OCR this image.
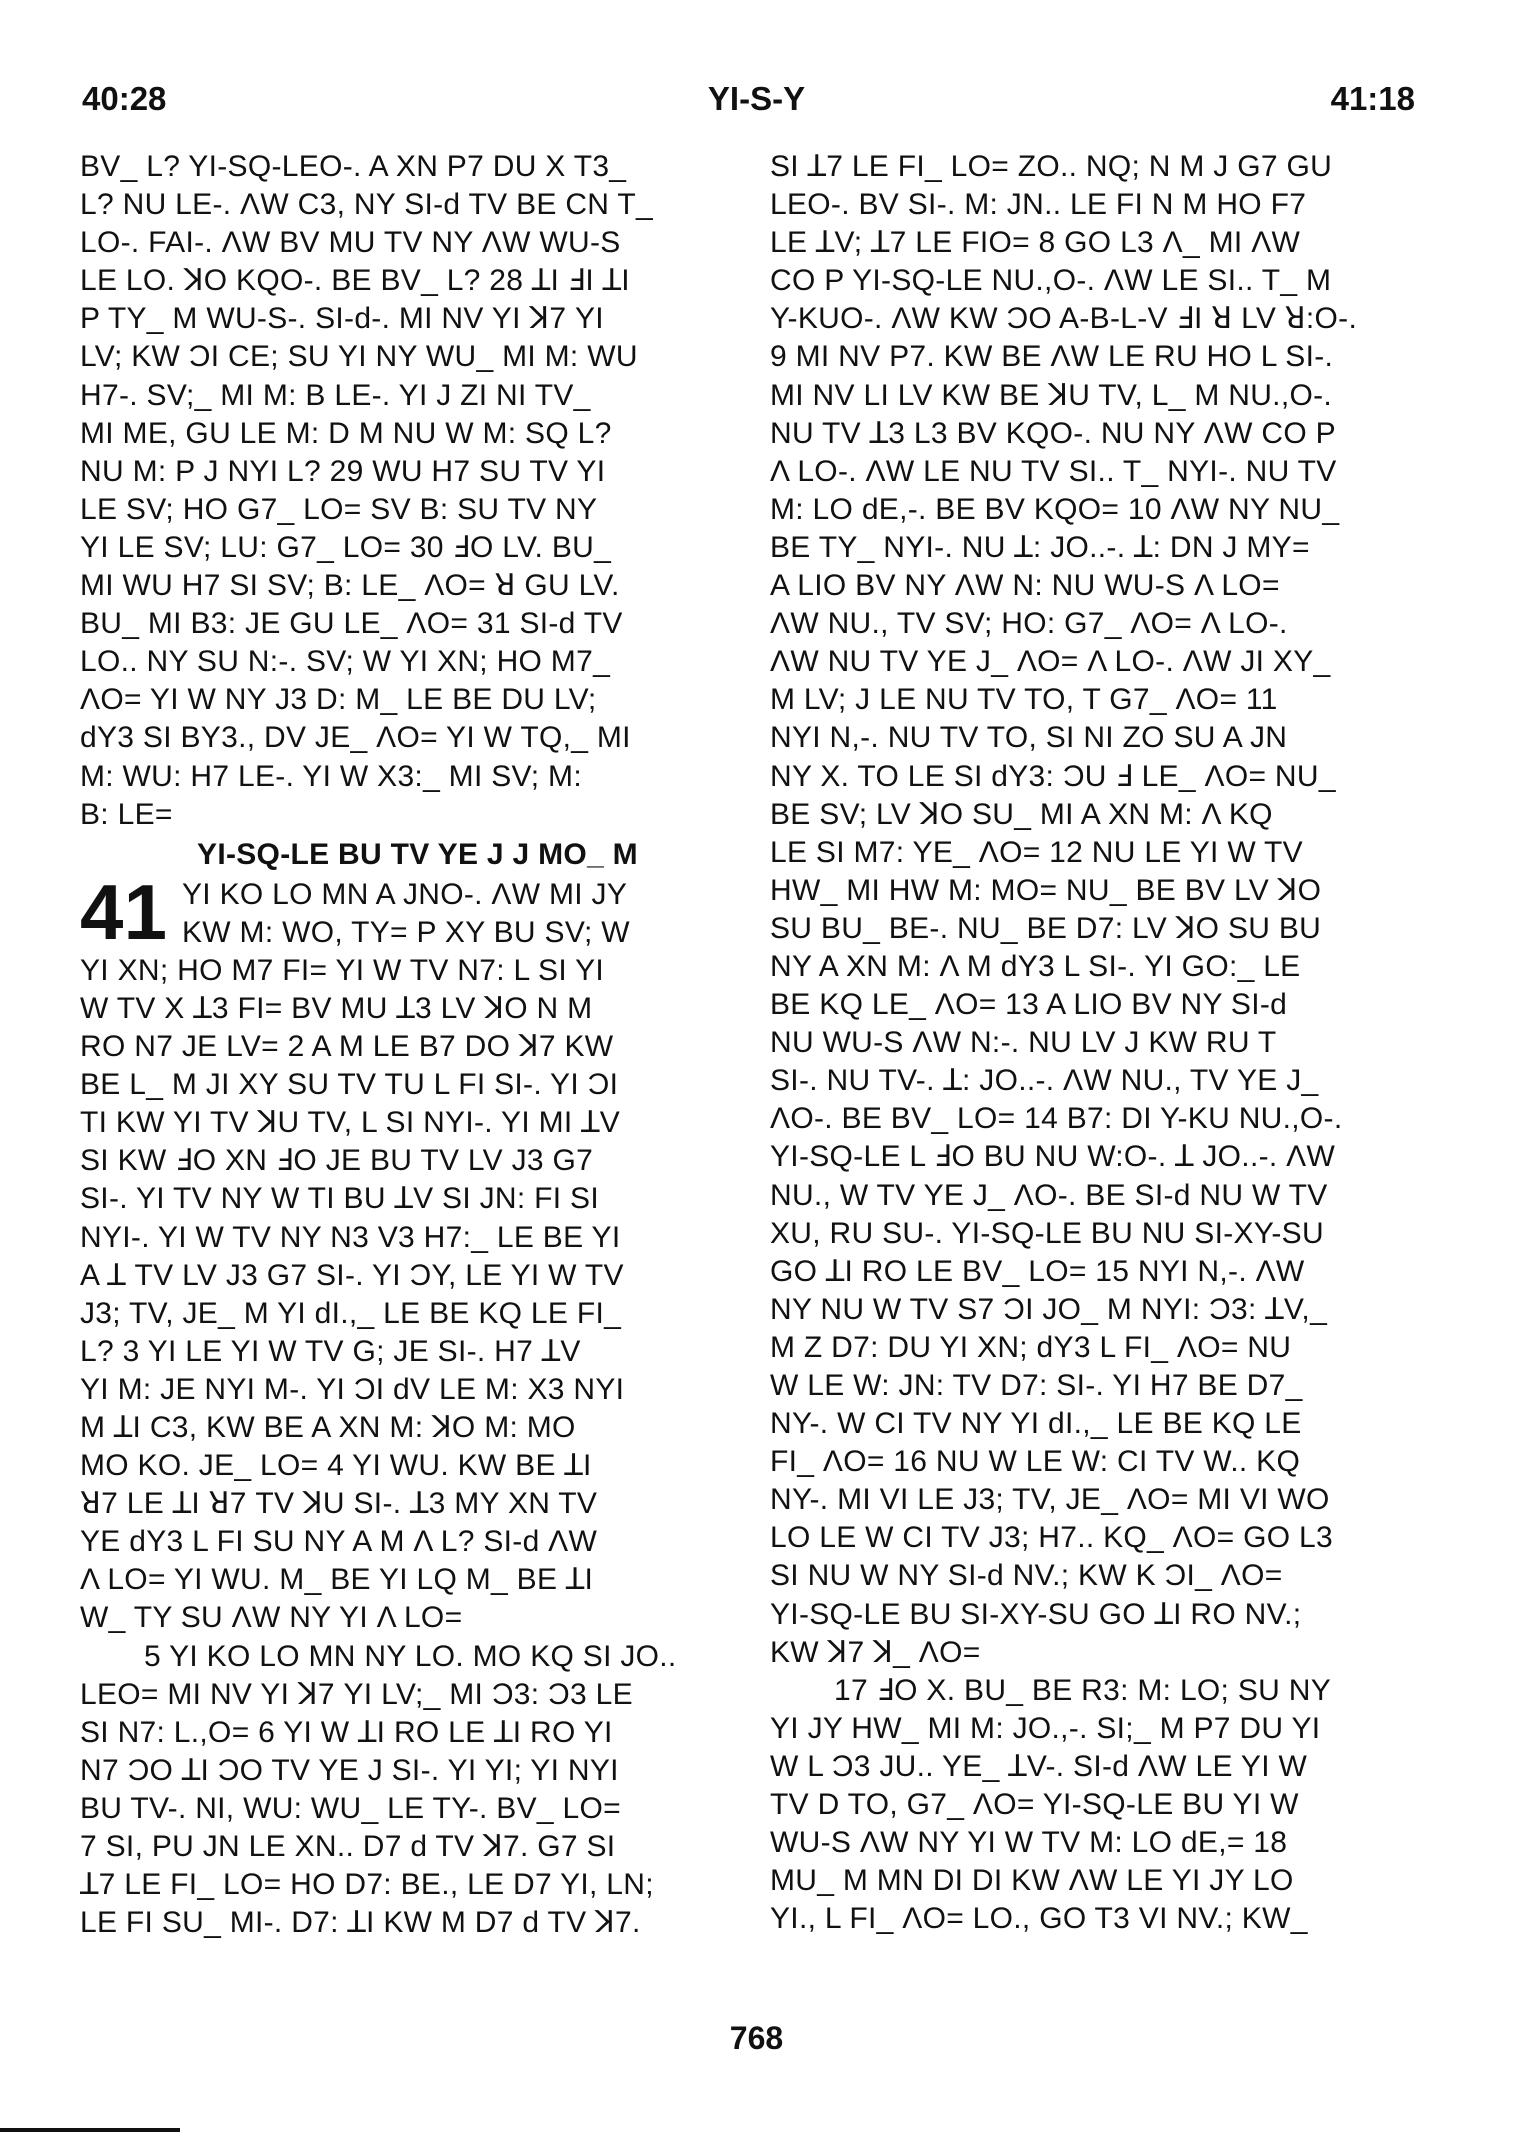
40:28	YI-S-Y	41:18
BV_ L? YI-SQ-LEO-. A XN P7 DU X T3_
L? NU LE-. ΛW C3, NY SI-d TV BE CN T_
LO-. FAI-. ΛW BV MU TV NY ΛW WU-S
LE LO. ꓘO KQO-. BE BV_ L? 28 ꓕI ꓞI ꓕI
P TY_ M WU-S-. SI-d-. MI NV YI ꓘ7 YI
LV; KW ƆI CE; SU YI NY WU_ MI M: WU
H7-. SV;_ MI M: B LE-. YI J ZI NI TV_
MI ME, GU LE M: D M NU W M: SQ L?
NU M: P J NYI L? 29 WU H7 SU TV YI
LE SV; HO G7_ LO= SV B: SU TV NY
YI LE SV; LU: G7_ LO= 30 ꓞO LV. BU_
MI WU H7 SI SV; B: LE_ ΛO= ꓤ GU LV.
BU_ MI B3: JE GU LE_ ΛO= 31 SI-d TV
LO.. NY SU N:-. SV; W YI XN; HO M7_
ΛO= YI W NY J3 D: M_ LE BE DU LV;
dY3 SI BY3., DV JE_ ΛO= YI W TQ,_ MI
M: WU: H7 LE-. YI W X3:_ MI SV; M:
B: LE=
YI-SQ-LE BU TV YE J J MO_ M
41 YI KO LO MN A JNO-. ΛW MI JY
KW M: WO, TY= P XY BU SV; W
YI XN; HO M7 FI= YI W TV N7: L SI YI
W TV X ꓕ3 FI= BV MU ꓕ3 LV ꓘO N M
RO N7 JE LV= 2 A M LE B7 DO ꓘ7 KW
BE L_ M JI XY SU TV TU L FI SI-. YI ƆI
TI KW YI TV ꓘU TV, L SI NYI-. YI MI ꓕV
SI KW ꓞO XN ꓞO JE BU TV LV J3 G7
SI-. YI TV NY W TI BU ꓕV SI JN: FI SI
NYI-. YI W TV NY N3 V3 H7:_ LE BE YI
A ꓕ TV LV J3 G7 SI-. YI ƆY, LE YI W TV
J3; TV, JE_ M YI dI.,_ LE BE KQ LE FI_
L? 3 YI LE YI W TV G; JE SI-. H7 ꓕV
YI M: JE NYI M-. YI ƆI dV LE M: X3 NYI
M ꓕI C3, KW BE A XN M: ꓘO M: MO
MO KO. JE_ LO= 4 YI WU. KW BE ꓕI
ꓤ7 LE ꓕI ꓤ7 TV ꓘU SI-. ꓕ3 MY XN TV
YE dY3 L FI SU NY A M Λ L? SI-d ΛW
Λ LO= YI WU. M_ BE YI LQ M_ BE ꓕI
W_ TY SU ΛW NY YI Λ LO=
5 YI KO LO MN NY LO. MO KQ SI JO..
LEO= MI NV YI ꓘ7 YI LV;_ MI Ɔ3: Ɔ3 LE
SI N7: L.,O= 6 YI W ꓕI RO LE ꓕI RO YI
N7 ƆO ꓕI ƆO TV YE J SI-. YI YI; YI NYI
BU TV-. NI, WU: WU_ LE TY-. BV_ LO=
7 SI, PU JN LE XN.. D7 d TV ꓘ7. G7 SI
ꓕ7 LE FI_ LO= HO D7: BE., LE D7 YI, LN;
LE FI SU_ MI-. D7: ꓕI KW M D7 d TV ꓘ7.
SI ꓕ7 LE FI_ LO= ZO.. NQ; N M J G7 GU
LEO-. BV SI-. M: JN.. LE FI N M HO F7
LE ꓕV; ꓕ7 LE FIO= 8 GO L3 Λ_ MI ΛW
CO P YI-SQ-LE NU.,O-. ΛW LE SI.. T_ M
Y-KUO-. ΛW KW ƆO A-B-L-V ꓞI ꓤ LV ꓤ:O-.
9 MI NV P7. KW BE ΛW LE RU HO L SI-.
MI NV LI LV KW BE ꓘU TV, L_ M NU.,O-.
NU TV ꓕ3 L3 BV KQO-. NU NY ΛW CO P
Λ LO-. ΛW LE NU TV SI.. T_ NYI-. NU TV
M: LO dE,-. BE BV KQO= 10 ΛW NY NU_
BE TY_ NYI-. NU ꓕ: JO..-. ꓕ: DN J MY=
A LIO BV NY ΛW N: NU WU-S Λ LO=
ΛW NU., TV SV; HO: G7_ ΛO= Λ LO-.
ΛW NU TV YE J_ ΛO= Λ LO-. ΛW JI XY_
M LV; J LE NU TV TO, T G7_ ΛO= 11
NYI N,-. NU TV TO, SI NI ZO SU A JN
NY X. TO LE SI dY3: ƆU ꓞ LE_ ΛO= NU_
BE SV; LV ꓘO SU_ MI A XN M: Λ KQ
LE SI M7: YE_ ΛO= 12 NU LE YI W TV
HW_ MI HW M: MO= NU_ BE BV LV ꓘO
SU BU_ BE-. NU_ BE D7: LV ꓘO SU BU
NY A XN M: Λ M dY3 L SI-. YI GO:_ LE
BE KQ LE_ ΛO= 13 A LIO BV NY SI-d
NU WU-S ΛW N:-. NU LV J KW RU T
SI-. NU TV-. ꓕ: JO..-. ΛW NU., TV YE J_
ΛO-. BE BV_ LO= 14 B7: DI Y-KU NU.,O-.
YI-SQ-LE L ꓞO BU NU W:O-. ꓕ JO..-. ΛW
NU., W TV YE J_ ΛO-. BE SI-d NU W TV
XU, RU SU-. YI-SQ-LE BU NU SI-XY-SU
GO ꓕI RO LE BV_ LO= 15 NYI N,-. ΛW
NY NU W TV S7 ƆI JO_ M NYI: Ɔ3: ꓕV,_
M Z D7: DU YI XN; dY3 L FI_ ΛO= NU
W LE W: JN: TV D7: SI-. YI H7 BE D7_
NY-. W CI TV NY YI dI.,_ LE BE KQ LE
FI_ ΛO= 16 NU W LE W: CI TV W.. KQ
NY-. MI VI LE J3; TV, JE_ ΛO= MI VI WO
LO LE W CI TV J3; H7.. KQ_ ΛO= GO L3
SI NU W NY SI-d NV.; KW K ƆI_ ΛO=
YI-SQ-LE BU SI-XY-SU GO ꓕI RO NV.;
KW ꓘ7 ꓘ_ ΛO=
17 ꓞO X. BU_ BE R3: M: LO; SU NY
YI JY HW_ MI M: JO.,-. SI;_ M P7 DU YI
W L Ɔ3 JU.. YE_ ꓕV-. SI-d ΛW LE YI W
TV D TO, G7_ ΛO= YI-SQ-LE BU YI W
WU-S ΛW NY YI W TV M: LO dE,= 18
MU_ M MN DI DI KW ΛW LE YI JY LO
YI., L FI_ ΛO= LO., GO T3 VI NV.; KW_
768
